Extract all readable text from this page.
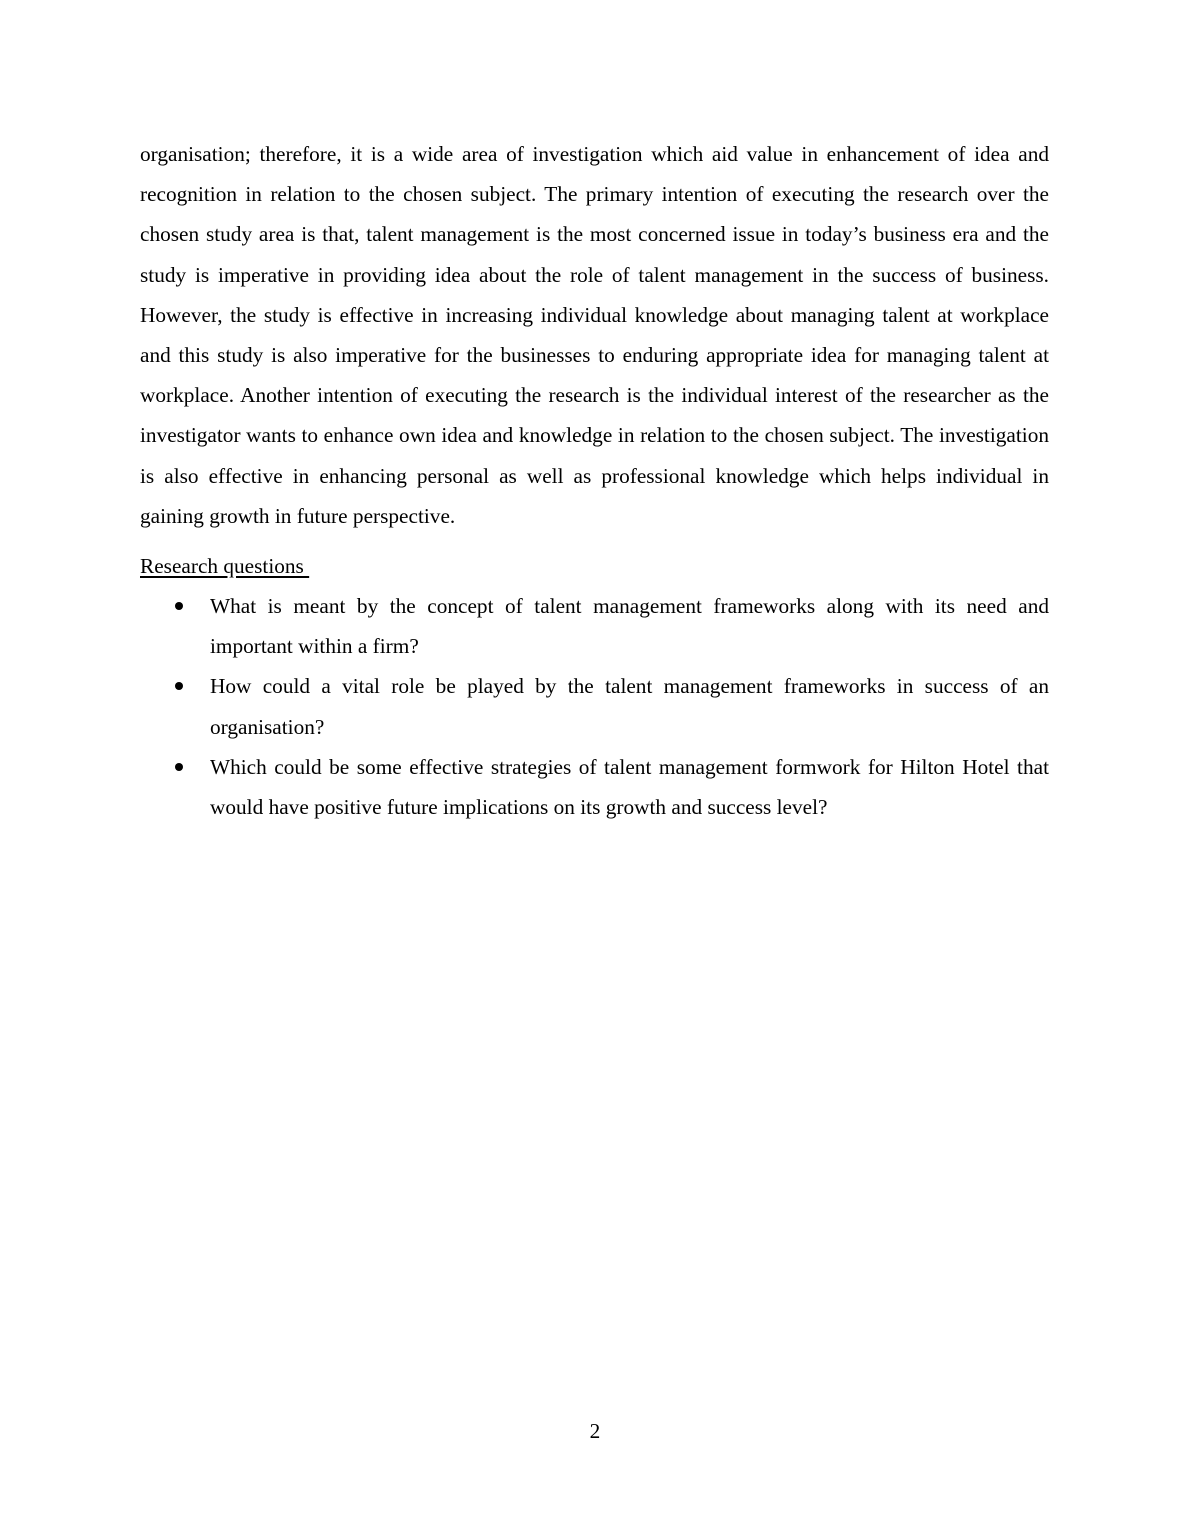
organisation; therefore, it is a wide area of investigation which aid value in enhancement of idea and recognition in relation to the chosen subject. The primary intention of executing the research over the chosen study area is that, talent management is the most concerned issue in today’s business era and the study is imperative in providing idea about the role of talent management in the success of business. However, the study is effective in increasing individual knowledge about managing talent at workplace and this study is also imperative for the businesses to enduring appropriate idea for managing talent at workplace. Another intention of executing the research is the individual interest of the researcher as the investigator wants to enhance own idea and knowledge in relation to the chosen subject. The investigation is also effective in enhancing personal as well as professional knowledge which helps individual in gaining growth in future perspective.

Research questions

What is meant by the concept of talent management frameworks along with its need and important within a firm?
How could a vital role be played by the talent management frameworks in success of an organisation?
Which could be some effective strategies of talent management formwork for Hilton Hotel that would have positive future implications on its growth and success level?
2
